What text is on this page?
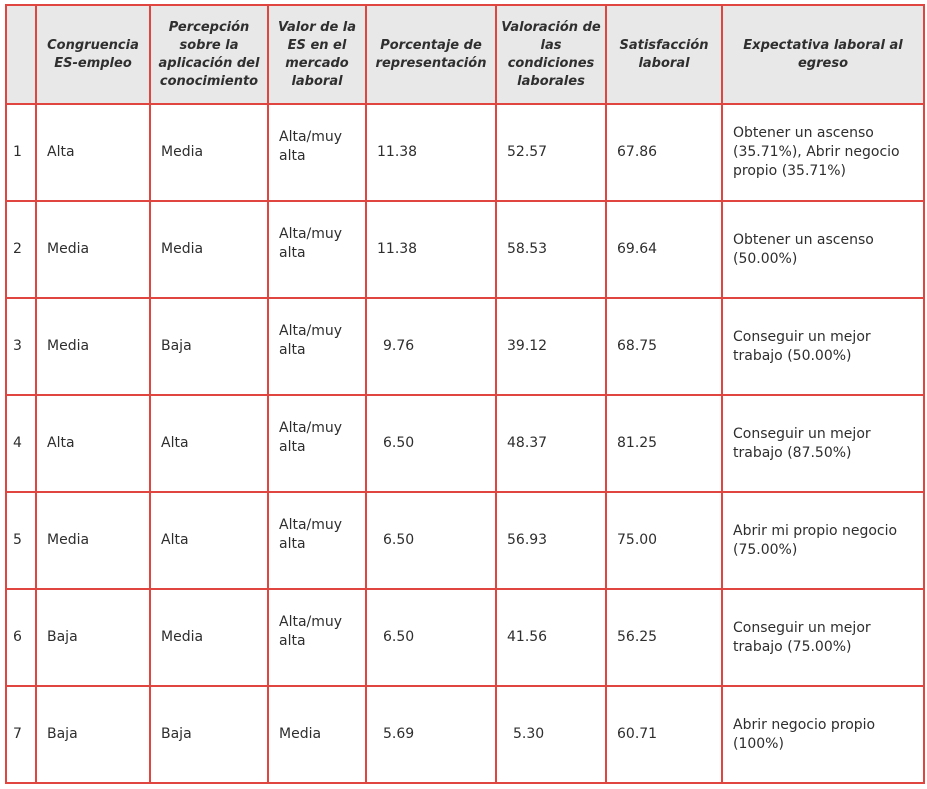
	Congruencia ES-empleo	Percepción sobre la aplicación del conocimiento	Valor de la ES en el mercado laboral	Porcentaje de representación	Valoración de las condiciones laborales	Satisfacción laboral	Expectativa laboral al egreso
1	Alta	Media	Alta/muy alta	11.38	52.57	67.86	Obtener un ascenso (35.71%), Abrir negocio propio (35.71%)
2	Media	Media	Alta/muy alta	11.38	58.53	69.64	Obtener un ascenso (50.00%)
3	Media	Baja	Alta/muy alta	9.76	39.12	68.75	Conseguir un mejor trabajo (50.00%)
4	Alta	Alta	Alta/muy alta	6.50	48.37	81.25	Conseguir un mejor trabajo (87.50%)
5	Media	Alta	Alta/muy alta	6.50	56.93	75.00	Abrir mi propio negocio (75.00%)
6	Baja	Media	Alta/muy alta	6.50	41.56	56.25	Conseguir un mejor trabajo (75.00%)
7	Baja	Baja	Media	5.69	5.30	60.71	Abrir negocio propio (100%)
